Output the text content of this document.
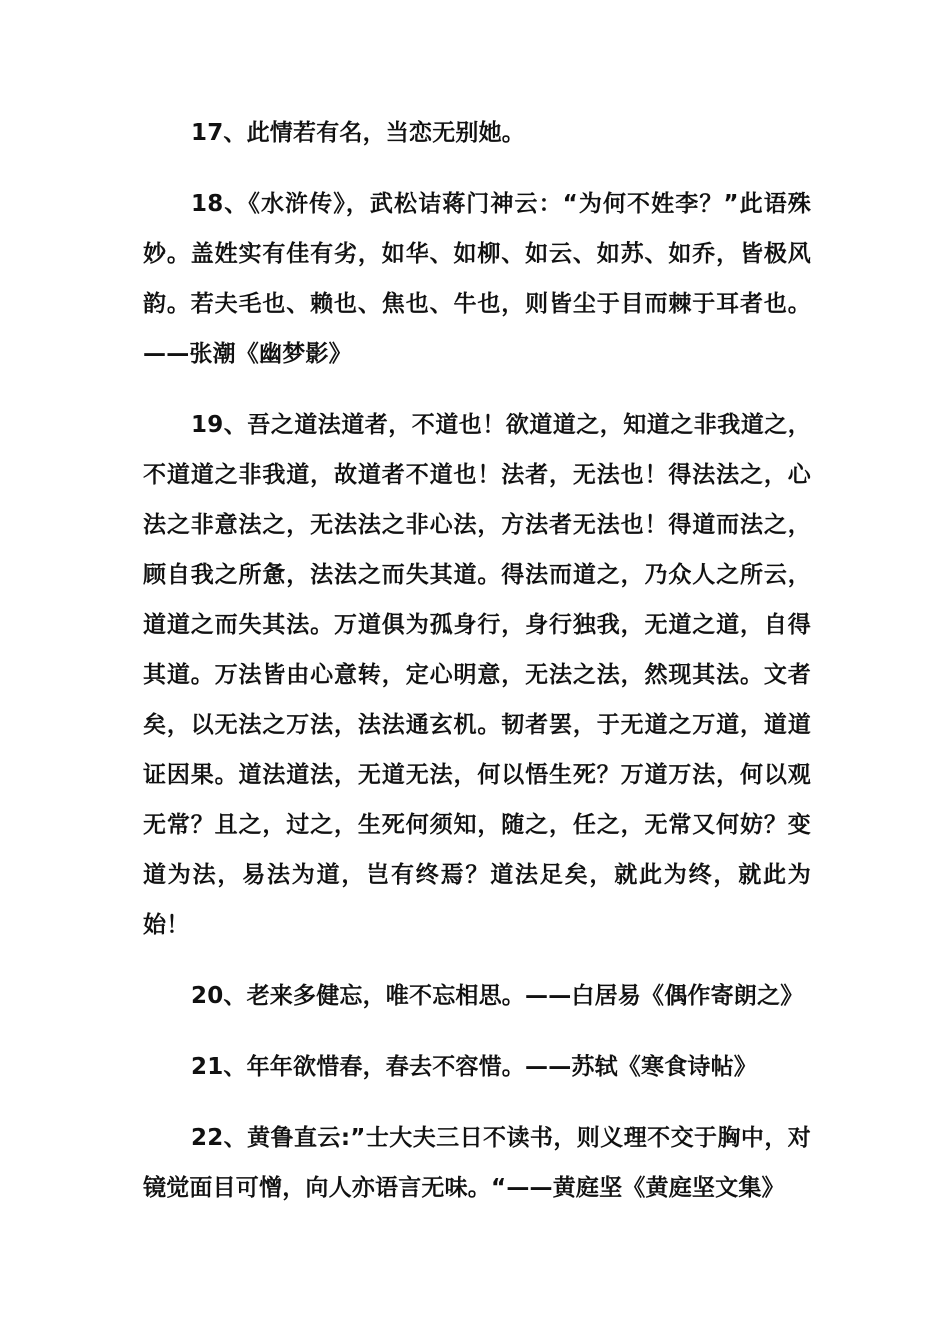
17、此情若有名，当恋无别她。

18、《水浒传》，武松诘蒋门神云：“为何不姓李？”此语殊妙。盖姓实有佳有劣，如华、如柳、如云、如苏、如乔，皆极风韵。若夫毛也、赖也、焦也、牛也，则皆尘于目而棘于耳者也。——张潮《幽梦影》

19、吾之道法道者，不道也！欲道道之，知道之非我道之，不道道之非我道，故道者不道也！法者，无法也！得法法之，心法之非意法之，无法法之非心法，方法者无法也！得道而法之，顾自我之所惫，法法之而失其道。得法而道之，乃众人之所云，道道之而失其法。万道俱为孤身行，身行独我，无道之道，自得其道。万法皆由心意转，定心明意，无法之法，然现其法。文者矣，以无法之万法，法法通玄机。韧者罢，于无道之万道，道道证因果。道法道法，无道无法，何以悟生死？万道万法，何以观无常？且之，过之，生死何须知，随之，任之，无常又何妨？变道为法，易法为道，岂有终焉？道法足矣，就此为终，就此为始！

20、老来多健忘，唯不忘相思。——白居易《偶作寄朗之》

21、年年欲惜春，春去不容惜。——苏轼《寒食诗帖》

22、黄鲁直云:”士大夫三日不读书，则义理不交于胸中，对镜觉面目可憎，向人亦语言无味。“——黄庭坚《黄庭坚文集》
